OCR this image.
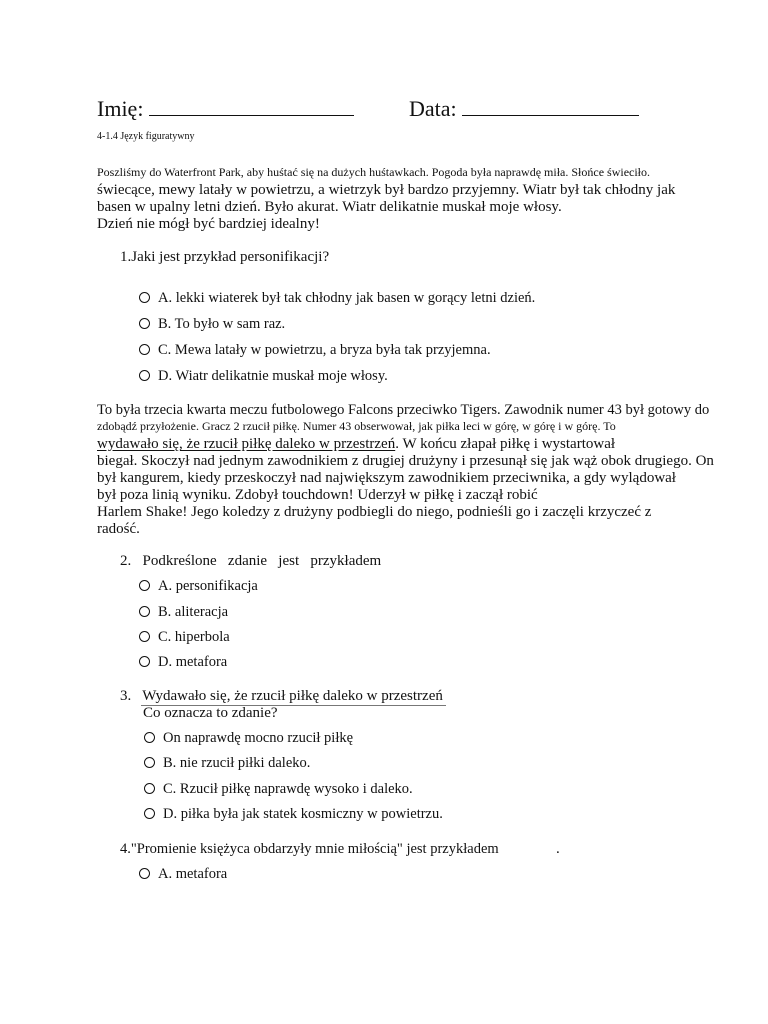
Imię:	Data:
4-1.4 Język figuratywny
Poszliśmy do Waterfront Park, aby huśtać się na dużych huśtawkach. Pogoda była naprawdę miła. Słońce świeciło.
świecące, mewy latały w powietrzu, a wietrzyk był bardzo przyjemny. Wiatr był tak chłodny jak
basen w upalny letni dzień. Było akurat. Wiatr delikatnie muskał moje włosy.
Dzień nie mógł być bardziej idealny!
1.Jaki jest przykład personifikacji?
A. lekki wiaterek był tak chłodny jak basen w gorący letni dzień.
B. To było w sam raz.
C. Mewa latały w powietrzu, a bryza była tak przyjemna.
D. Wiatr delikatnie muskał moje włosy.
To była trzecia kwarta meczu futbolowego Falcons przeciwko Tigers. Zawodnik numer 43 był gotowy do
zdobądź przyłożenie. Gracz 2 rzucił piłkę. Numer 43 obserwował, jak piłka leci w górę, w górę i w górę. To
wydawało się, że rzucił piłkę daleko w przestrzeń. W końcu złapał piłkę i wystartował
biegał. Skoczył nad jednym zawodnikiem z drugiej drużyny i przesunął się jak wąż obok drugiego. On
był kangurem, kiedy przeskoczył nad największym zawodnikiem przeciwnika, a gdy wylądował
był poza linią wyniku. Zdobył touchdown! Uderzył w piłkę i zaczął robić
Harlem Shake! Jego koledzy z drużyny podbiegli do niego, podnieśli go i zaczęli krzyczeć z
radość.
2.   Podkreślone   zdanie   jest   przykładem
A. personifikacja
B. aliteracja
C. hiperbola
D. metafora
3.   Wydawało się, że rzucił piłkę daleko w przestrzeń
Co oznacza to zdanie?
On naprawdę mocno rzucił piłkę
B. nie rzucił piłki daleko.
C. Rzucił piłkę naprawdę wysoko i daleko.
D. piłka była jak statek kosmiczny w powietrzu.
4."Promienie księżyca obdarzyły mnie miłością" jest przykładem	.
A. metafora
